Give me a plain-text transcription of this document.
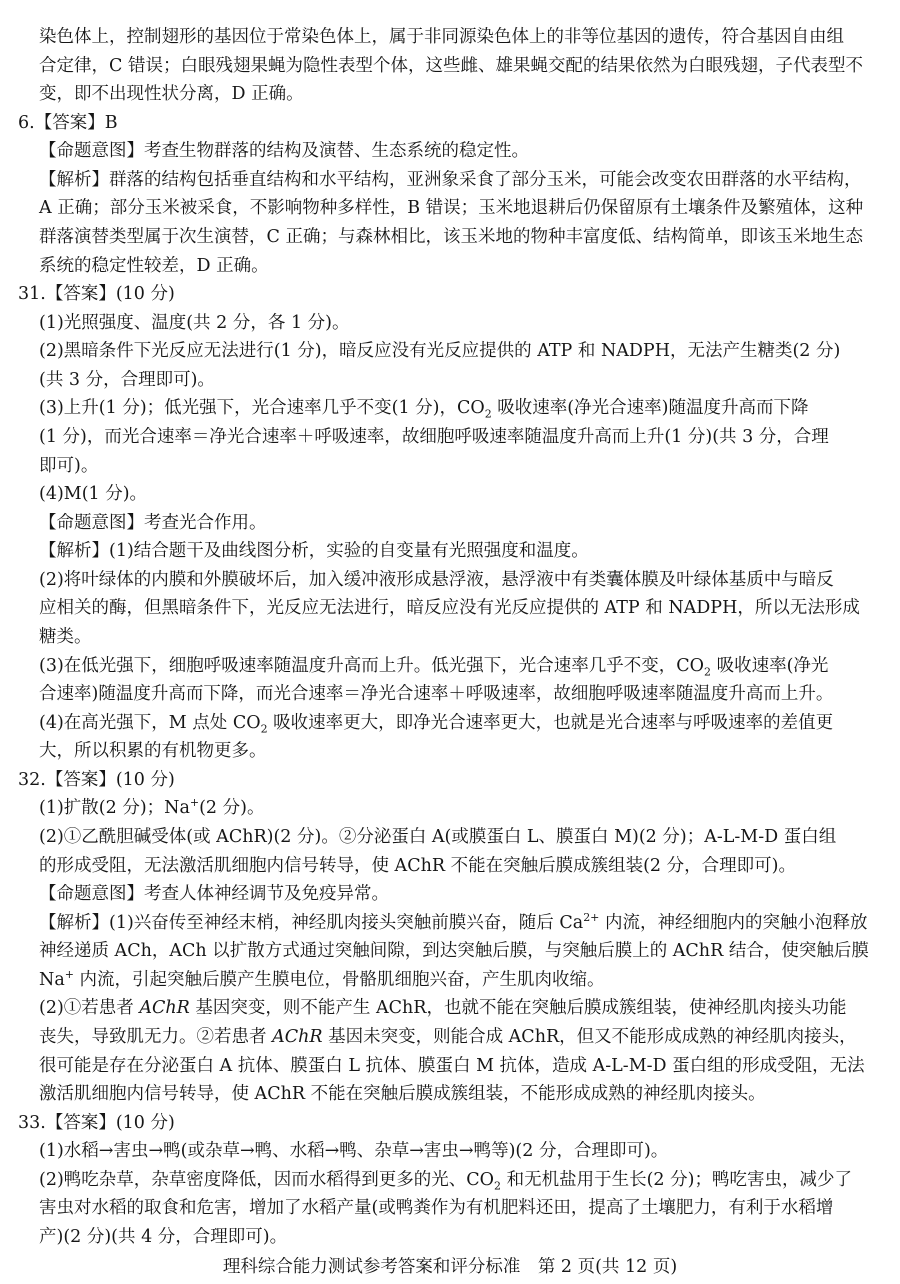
染色体上，控制翅形的基因位于常染色体上，属于非同源染色体上的非等位基因的遗传，符合基因自由组
合定律，C 错误；白眼残翅果蝇为隐性表型个体，这些雌、雄果蝇交配的结果依然为白眼残翅，子代表型不
变，即不出现性状分离，D 正确。
6.【答案】B
【命题意图】考查生物群落的结构及演替、生态系统的稳定性。
【解析】群落的结构包括垂直结构和水平结构，亚洲象采食了部分玉米，可能会改变农田群落的水平结构，
A 正确；部分玉米被采食，不影响物种多样性，B 错误；玉米地退耕后仍保留原有土壤条件及繁殖体，这种
群落演替类型属于次生演替，C 正确；与森林相比，该玉米地的物种丰富度低、结构简单，即该玉米地生态
系统的稳定性较差，D 正确。
31.【答案】(10 分)
(1)光照强度、温度(共 2 分，各 1 分)。
(2)黑暗条件下光反应无法进行(1 分)，暗反应没有光反应提供的 ATP 和 NADPH，无法产生糖类(2 分)
(共 3 分，合理即可)。
(3)上升(1 分)；低光强下，光合速率几乎不变(1 分)，$CO_2$ 吸收速率(净光合速率)随温度升高而下降
(1 分)，而光合速率＝净光合速率＋呼吸速率，故细胞呼吸速率随温度升高而上升(1 分)(共 3 分，合理
即可)。
(4)M(1 分)。
【命题意图】考查光合作用。
【解析】(1)结合题干及曲线图分析，实验的自变量有光照强度和温度。
(2)将叶绿体的内膜和外膜破坏后，加入缓冲液形成悬浮液，悬浮液中有类囊体膜及叶绿体基质中与暗反
应相关的酶，但黑暗条件下，光反应无法进行，暗反应没有光反应提供的 ATP 和 NADPH，所以无法形成
糖类。
(3)在低光强下，细胞呼吸速率随温度升高而上升。低光强下，光合速率几乎不变，$CO_2$ 吸收速率(净光
合速率)随温度升高而下降，而光合速率＝净光合速率＋呼吸速率，故细胞呼吸速率随温度升高而上升。
(4)在高光强下，M 点处 $CO_2$ 吸收速率更大，即净光合速率更大，也就是光合速率与呼吸速率的差值更
大，所以积累的有机物更多。
32.【答案】(10 分)
(1)扩散(2 分)；Na+(2 分)。
(2)①乙酰胆碱受体(或 AChR)(2 分)。②分泌蛋白 A(或膜蛋白 L、膜蛋白 M)(2 分)；A-L-M-D 蛋白组
的形成受阻，无法激活肌细胞内信号转导，使 AChR 不能在突触后膜成簇组装(2 分，合理即可)。
【命题意图】考查人体神经调节及免疫异常。
【解析】(1)兴奋传至神经末梢，神经肌肉接头突触前膜兴奋，随后 $Ca^{2+}$ 内流，神经细胞内的突触小泡释放
神经递质 ACh，ACh 以扩散方式通过突触间隙，到达突触后膜，与突触后膜上的 AChR 结合，使突触后膜
Na+ 内流，引起突触后膜产生膜电位，骨骼肌细胞兴奋，产生肌肉收缩。
(2)①若患者 AChR 基因突变，则不能产生 AChR，也就不能在突触后膜成簇组装，使神经肌肉接头功能
丧失，导致肌无力。②若患者 AChR 基因未突变，则能合成 AChR，但又不能形成成熟的神经肌肉接头，
很可能是存在分泌蛋白 A 抗体、膜蛋白 L 抗体、膜蛋白 M 抗体，造成 A-L-M-D 蛋白组的形成受阻，无法
激活肌细胞内信号转导，使 AChR 不能在突触后膜成簇组装，不能形成成熟的神经肌肉接头。
33.【答案】(10 分)
(1)水稻→害虫→鸭(或杂草→鸭、水稻→鸭、杂草→害虫→鸭等)(2 分，合理即可)。
(2)鸭吃杂草，杂草密度降低，因而水稻得到更多的光、$CO_2$ 和无机盐用于生长(2 分)；鸭吃害虫，减少了
害虫对水稻的取食和危害，增加了水稻产量(或鸭粪作为有机肥料还田，提高了土壤肥力，有利于水稻增
产)(2 分)(共 4 分，合理即可)。
理科综合能力测试参考答案和评分标准　第 2 页(共 12 页)
